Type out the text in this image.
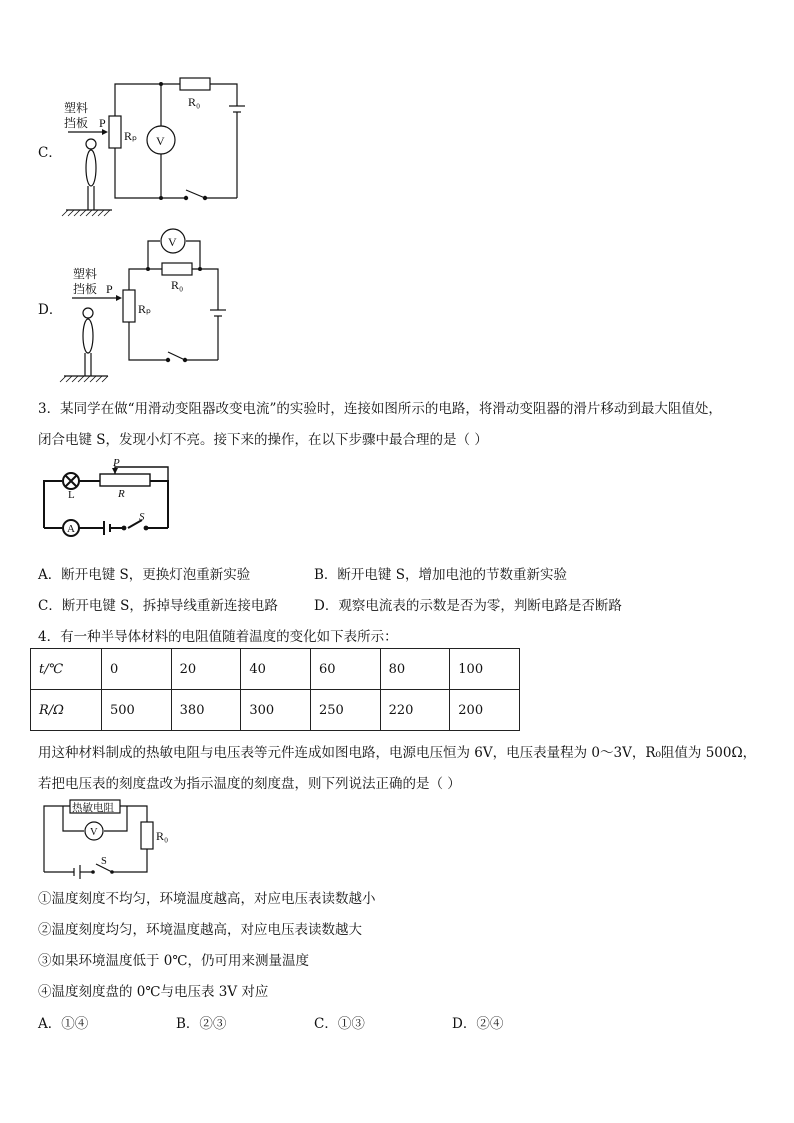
C．
塑料
挡板 P
Rₚ
R₀
V
D．
塑料
挡板 P
Rₚ
R₀
V
3．某同学在做“用滑动变阻器改变电流”的实验时，连接如图所示的电路，将滑动变阻器的滑片移动到最大阻值处，
闭合电键 S，发现小灯不亮。接下来的操作，在以下步骤中最合理的是（ ）
L
P
R
A
S
A．断开电键 S，更换灯泡重新实验	B．断开电键 S，增加电池的节数重新实验
C．断开电键 S，拆掉导线重新连接电路	D．观察电流表的示数是否为零，判断电路是否断路
4．有一种半导体材料的电阻值随着温度的变化如下表所示：
t/℃	0	20	40	60	80	100
R/Ω	500	380	300	250	220	200
用这种材料制成的热敏电阻与电压表等元件连成如图电路，电源电压恒为 6V，电压表量程为 0～3V，R₀阻值为 500Ω，
若把电压表的刻度盘改为指示温度的刻度盘，则下列说法正确的是（ ）
热敏电阻
V	R₀
S
①温度刻度不均匀，环境温度越高，对应电压表读数越小
②温度刻度均匀，环境温度越高，对应电压表读数越大
③如果环境温度低于 0℃，仍可用来测量温度
④温度刻度盘的 0℃与电压表 3V 对应
A．①④	B．②③	C．①③	D．②④
